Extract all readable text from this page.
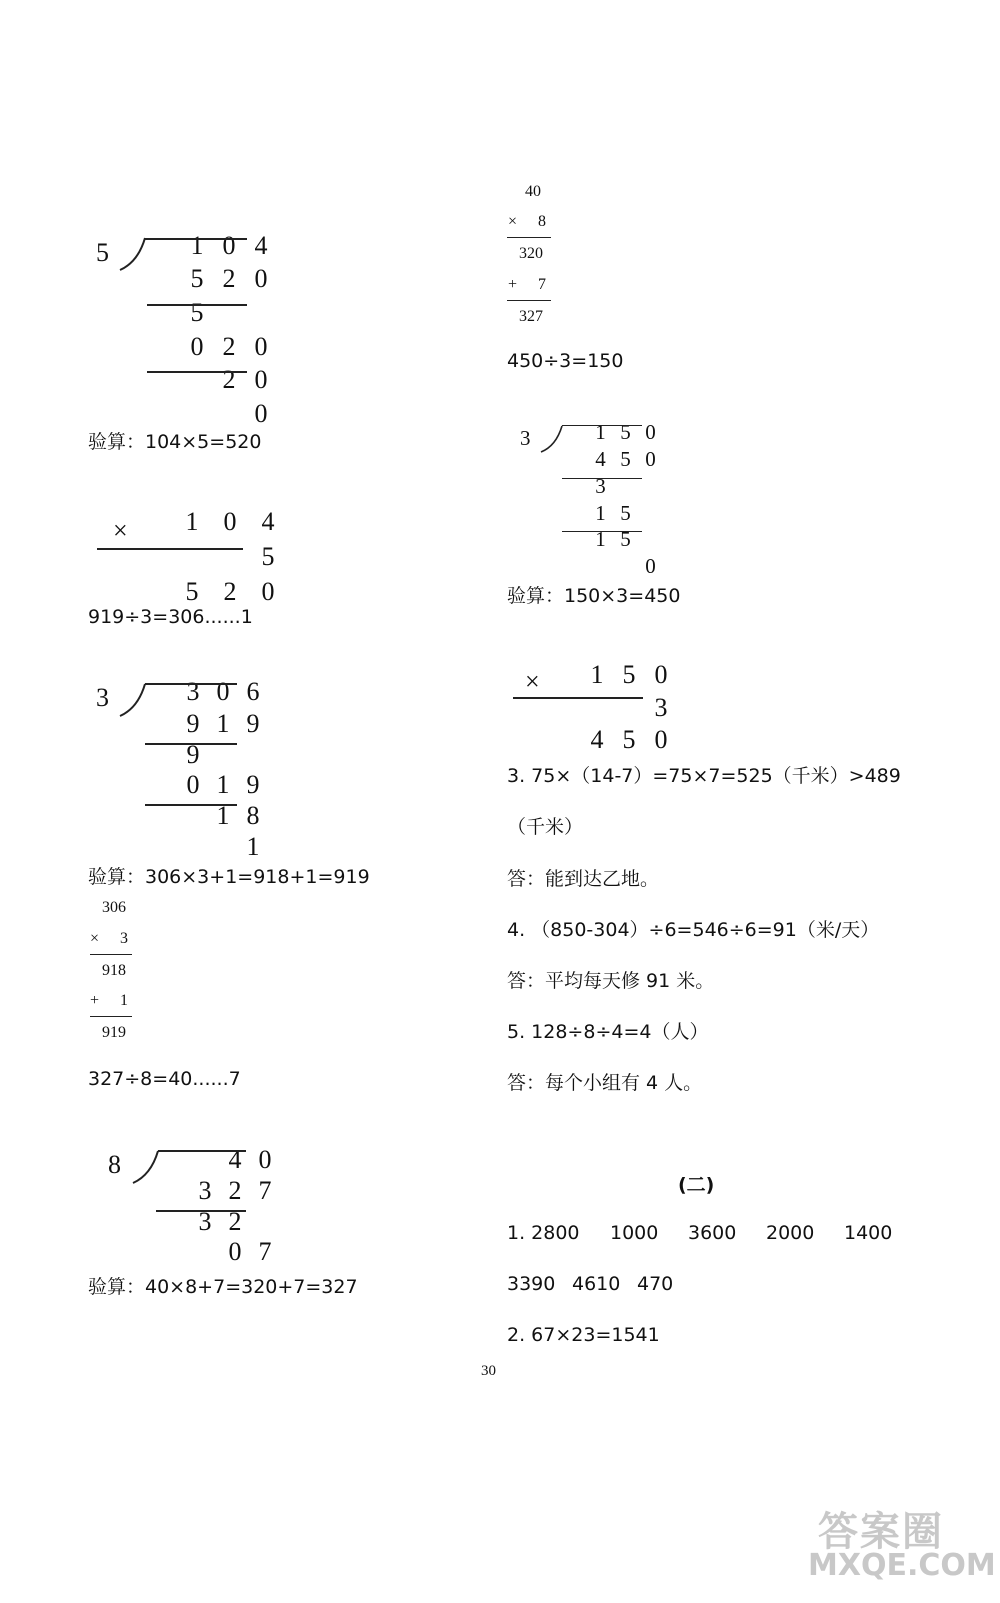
1 0 4

5

5 2 0

5

0 2 0

2 0

0

验算：104×5=520

1 0 4

×

5

5 2 0

919÷3=306......1

3 0 6

3

9 1 9

9

0 1 9

1 8

1

验算：306×3+1=918+1=919
306
× 3
918
+ 1
919
327÷8=40......7

4 0

8

3 2 7

3 2

0 7

验算：40×8+7=320+7=327
40
× 8
320
+ 7
327
450÷3=150

1 5 0

3

4 5 0

3

1 5

1 5

0

验算：150×3=450

1 5 0

×

3

4 5 0

3. 75×（14-7）=75×7=525（千米）>489
（千米）
答：能到达乙地。
4. （850-304）÷6=546÷6=91（米/天）
答：平均每天修 91 米。
5. 128÷8÷4=4（人）
答：每个小组有 4 人。
(二)
1. 2800 1000 3600 2000 1400
3390 4610 470
2. 67×23=1541
30
答案圈
MXQE.COM
